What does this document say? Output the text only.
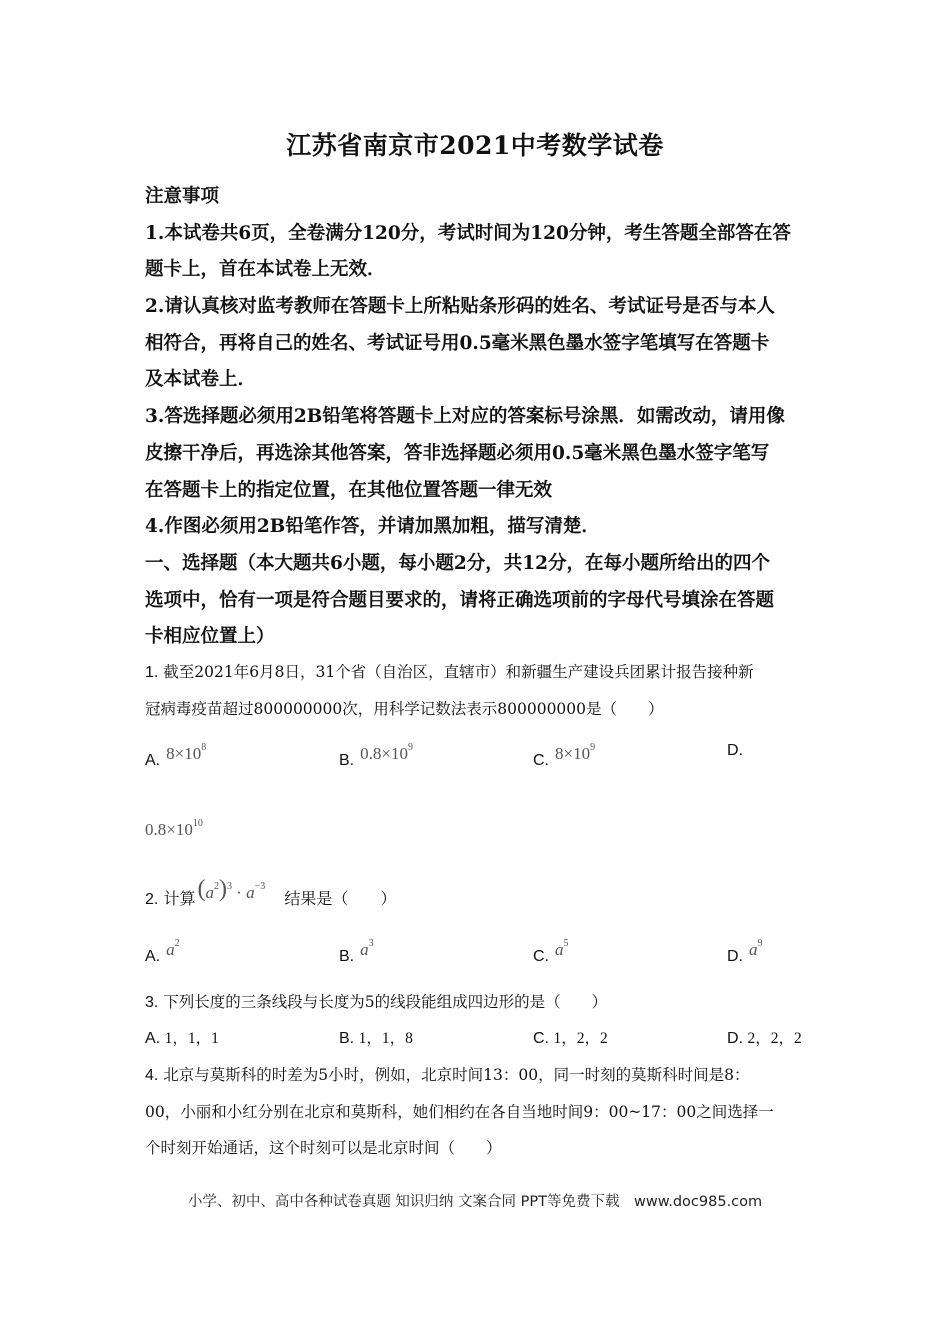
江苏省南京市2021中考数学试卷
注意事项
1.本试卷共6页，全卷满分120分，考试时间为120分钟，考生答题全部答在答
题卡上，首在本试卷上无效．
2.请认真核对监考教师在答题卡上所粘贴条形码的姓名、考试证号是否与本人
相符合，再将自己的姓名、考试证号用0.5毫米黑色墨水签字笔填写在答题卡
及本试卷上．
3.答选择题必须用2B铅笔将答题卡上对应的答案标号涂黑．如需改动，请用像
皮擦干净后，再选涂其他答案，答非选择题必须用0.5毫米黑色墨水签字笔写
在答题卡上的指定位置，在其他位置答题一律无效
4.作图必须用2B铅笔作答，并请加黑加粗，描写清楚．
一、选择题（本大题共6小题，每小题2分，共12分，在每小题所给出的四个
选项中，恰有一项是符合题目要求的，请将正确选项前的字母代号填涂在答题
卡相应位置上）
1. 截至2021年6月8日，31个省（自治区，直辖市）和新疆生产建设兵团累计报告接种新
冠病毒疫苗超过800000000次，用科学记数法表示800000000是（　　）
A. $8\times 10^8$
B. $0.8\times 10^9$
C. $8\times 10^9$	D.
$0.8\times 10^{10}$
2. 计算$(a^2)^3 \cdot a^{-3}$ 结果是（　　）
A. $a^2$
B. $a^3$
C. $a^5$
D. $a^9$
3. 下列长度的三条线段与长度为5的线段能组成四边形的是（　　）
A. 1，1，1	B. 1，1，8	C. 1，2，2	D. 2，2，2
4. 北京与莫斯科的时差为5小时，例如，北京时间13：00，同一时刻的莫斯科时间是8：
00，小丽和小红分别在北京和莫斯科，她们相约在各自当地时间9：00~17：00之间选择一
个时刻开始通话，这个时刻可以是北京时间（　　）
小学、初中、高中各种试卷真题 知识归纳 文案合同 PPT等免费下载　www.doc985.com
